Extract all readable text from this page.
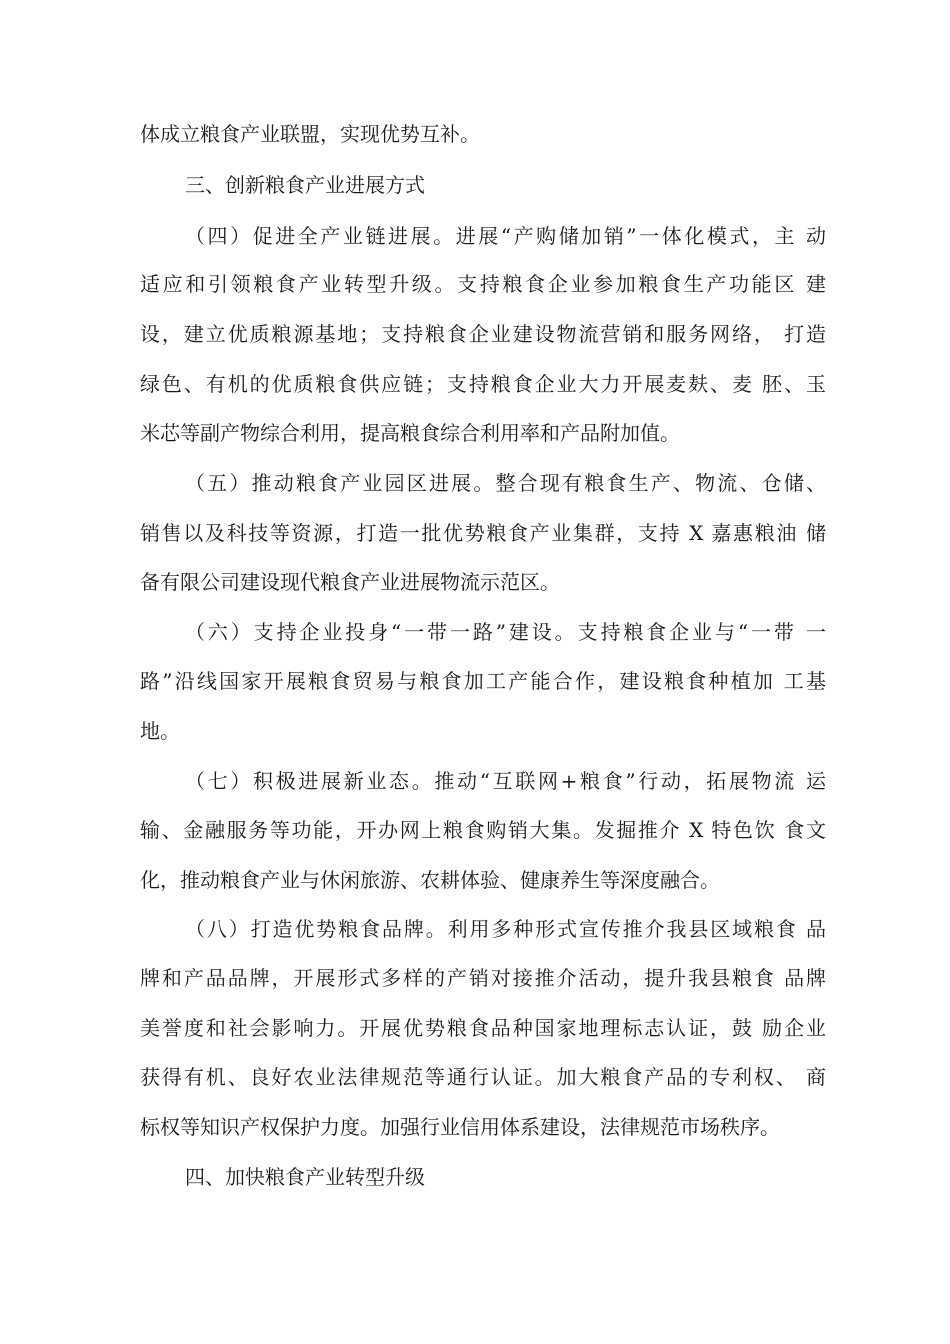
体成立粮食产业联盟，实现优势互补。
三、创新粮食产业进展方式
（四）促进全产业链进展。进展“产购储加销”一体化模式，主 动
适应和引领粮食产业转型升级。支持粮食企业参加粮食生产功能区 建
设，建立优质粮源基地；支持粮食企业建设物流营销和服务网络， 打造
绿色、有机的优质粮食供应链；支持粮食企业大力开展麦麸、麦 胚、玉
米芯等副产物综合利用，提高粮食综合利用率和产品附加值。
（五）推动粮食产业园区进展。整合现有粮食生产、物流、仓储、
销售以及科技等资源，打造一批优势粮食产业集群，支持 X 嘉惠粮油 储
备有限公司建设现代粮食产业进展物流示范区。
（六）支持企业投身“一带一路”建设。支持粮食企业与“一带 一
路”沿线国家开展粮食贸易与粮食加工产能合作，建设粮食种植加 工基
地。
（七）积极进展新业态。推动“互联网+粮食”行动，拓展物流 运
输、金融服务等功能，开办网上粮食购销大集。发掘推介 X 特色饮 食文
化，推动粮食产业与休闲旅游、农耕体验、健康养生等深度融合。
（八）打造优势粮食品牌。利用多种形式宣传推介我县区域粮食 品
牌和产品品牌，开展形式多样的产销对接推介活动，提升我县粮食 品牌
美誉度和社会影响力。开展优势粮食品种国家地理标志认证，鼓 励企业
获得有机、良好农业法律规范等通行认证。加大粮食产品的专利权、 商
标权等知识产权保护力度。加强行业信用体系建设，法律规范市场秩序。
四、加快粮食产业转型升级
